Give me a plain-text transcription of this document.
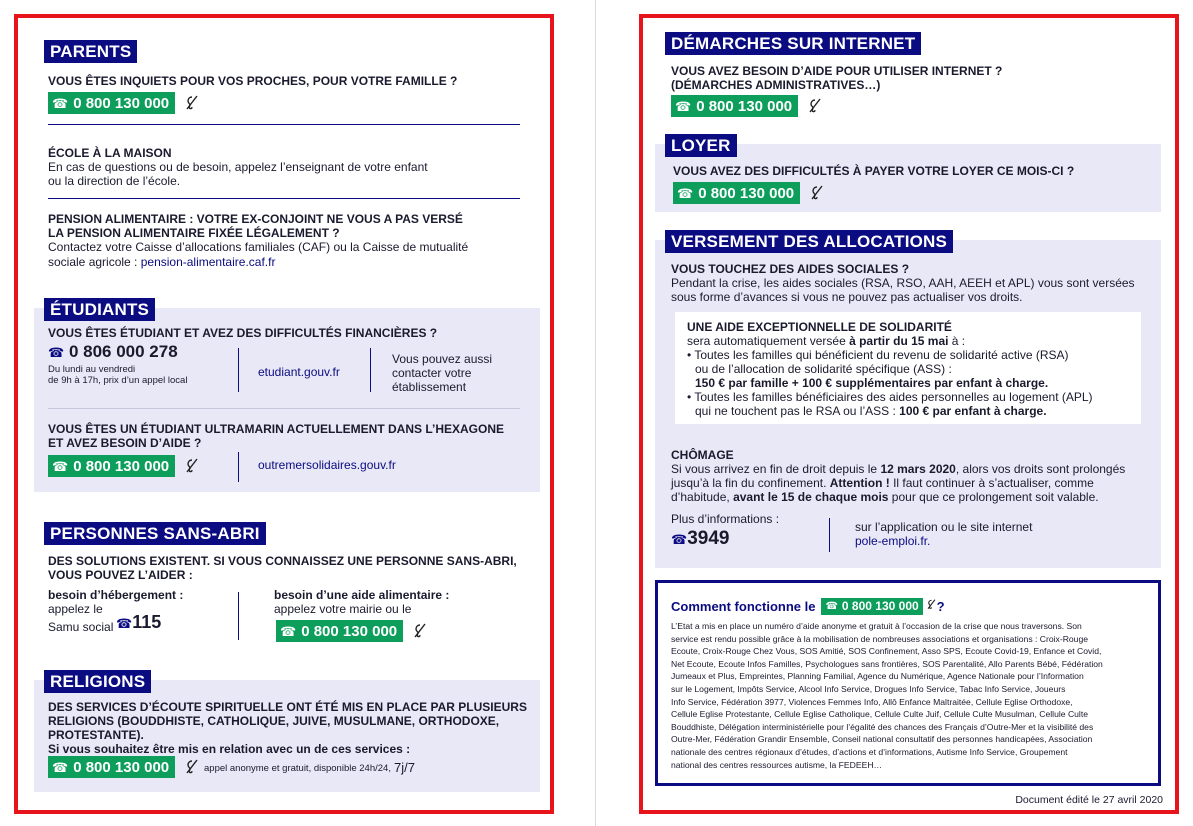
PARENTS
VOUS ÊTES INQUIETS POUR VOS PROCHES, POUR VOTRE FAMILLE ?
☎ 0 800 130 000
ÉCOLE À LA MAISON
En cas de questions ou de besoin, appelez l’enseignant de votre enfant
ou la direction de l’école.
PENSION ALIMENTAIRE : VOTRE EX-CONJOINT NE VOUS A PAS VERSÉ
LA PENSION ALIMENTAIRE FIXÉE LÉGALEMENT ?
Contactez votre Caisse d’allocations familiales (CAF) ou la Caisse de mutualité
sociale agricole : pension-alimentaire.caf.fr
ÉTUDIANTS
VOUS ÊTES ÉTUDIANT ET AVEZ DES DIFFICULTÉS FINANCIÈRES ?
☎ 0 806 000 278
Du lundi au vendredi
de 9h à 17h, prix d’un appel local
etudiant.gouv.fr
Vous pouvez aussi
contacter votre
établissement
VOUS ÊTES UN ÉTUDIANT ULTRAMARIN ACTUELLEMENT DANS L’HEXAGONE
ET AVEZ BESOIN D’AIDE ?
☎ 0 800 130 000	outremersolidaires.gouv.fr
PERSONNES SANS-ABRI
DES SOLUTIONS EXISTENT. SI VOUS CONNAISSEZ UNE PERSONNE SANS-ABRI,
VOUS POUVEZ L’AIDER :
besoin d’hébergement :
appelez le
Samu social ☎115
besoin d’une aide alimentaire :
appelez votre mairie ou le
☎ 0 800 130 000
RELIGIONS
DES SERVICES D’ÉCOUTE SPIRITUELLE ONT ÉTÉ MIS EN PLACE PAR PLUSIEURS
RELIGIONS (BOUDDHISTE, CATHOLIQUE, JUIVE, MUSULMANE, ORTHODOXE,
PROTESTANTE).
Si vous souhaitez être mis en relation avec un de ces services :
☎ 0 800 130 000	appel anonyme et gratuit, disponible 24h/24, 7j/7
DÉMARCHES SUR INTERNET
VOUS AVEZ BESOIN D’AIDE POUR UTILISER INTERNET ?
(DÉMARCHES ADMINISTRATIVES…)
☎ 0 800 130 000
LOYER
VOUS AVEZ DES DIFFICULTÉS À PAYER VOTRE LOYER CE MOIS-CI ?
☎ 0 800 130 000
VERSEMENT DES ALLOCATIONS
VOUS TOUCHEZ DES AIDES SOCIALES ?
Pendant la crise, les aides sociales (RSA, RSO, AAH, AEEH et APL) vous sont versées
sous forme d’avances si vous ne pouvez pas actualiser vos droits.
UNE AIDE EXCEPTIONNELLE DE SOLIDARITÉ
sera automatiquement versée à partir du 15 mai à :
• Toutes les familles qui bénéficient du revenu de solidarité active (RSA)
ou de l’allocation de solidarité spécifique (ASS) :
150 € par famille + 100 € supplémentaires par enfant à charge.
• Toutes les familles bénéficiaires des aides personnelles au logement (APL)
qui ne touchent pas le RSA ou l’ASS : 100 € par enfant à charge.
CHÔMAGE
Si vous arrivez en fin de droit depuis le 12 mars 2020, alors vos droits sont prolongés
jusqu’à la fin du confinement. Attention ! Il faut continuer à s’actualiser, comme
d’habitude, avant le 15 de chaque mois pour que ce prolongement soit valable.
Plus d’informations :
☎3949
sur l’application ou le site internet
pole-emploi.fr.
Comment fonctionne le ☎ 0 800 130 000 ?
L’Etat a mis en place un numéro d’aide anonyme et gratuit à l’occasion de la crise que nous traversons. Son
service est rendu possible grâce à la mobilisation de nombreuses associations et organisations : Croix-Rouge
Ecoute, Croix-Rouge Chez Vous, SOS Amitié, SOS Confinement, Asso SPS, Ecoute Covid-19, Enfance et Covid,
Net Ecoute, Ecoute Infos Familles, Psychologues sans frontières, SOS Parentalité, Allo Parents Bébé, Fédération
Jumeaux et Plus, Empreintes, Planning Familial, Agence du Numérique, Agence Nationale pour l’Information
sur le Logement, Impôts Service, Alcool Info Service, Drogues Info Service, Tabac Info Service, Joueurs
Info Service, Fédération 3977, Violences Femmes Info, Allô Enfance Maltraitée, Cellule Eglise Orthodoxe,
Cellule Eglise Protestante, Cellule Eglise Catholique, Cellule Culte Juif, Cellule Culte Musulman, Cellule Culte
Bouddhiste, Délégation interministérielle pour l’égalité des chances des Français d’Outre-Mer et la visibilité des
Outre-Mer, Fédération Grandir Ensemble, Conseil national consultatif des personnes handicapées, Association
nationale des centres régionaux d’études, d’actions et d’informations, Autisme Info Service, Groupement
national des centres ressources autisme, la FEDEEH…
Document édité le 27 avril 2020
